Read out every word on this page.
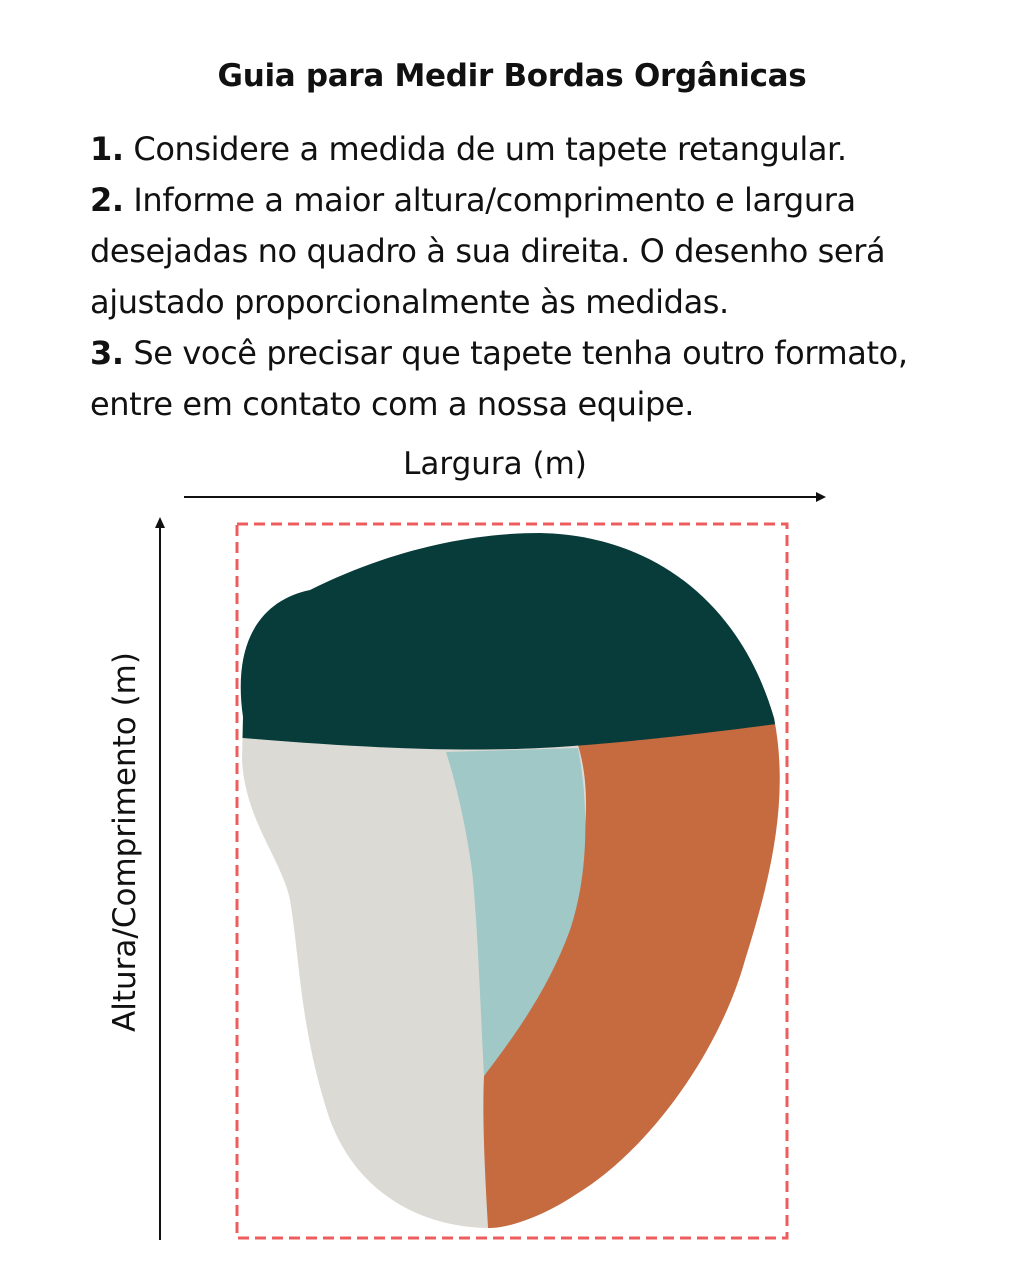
Guia para Medir Bordas Orgânicas

1. Considere a medida de um tapete retangular.

2. Informe a maior altura/comprimento e largura desejadas no quadro à sua direita. O desenho será ajustado proporcionalmente às medidas.

3. Se você precisar que tapete tenha outro formato, entre em contato com a nossa equipe.

Largura (m)
Altura/Comprimento (m)
